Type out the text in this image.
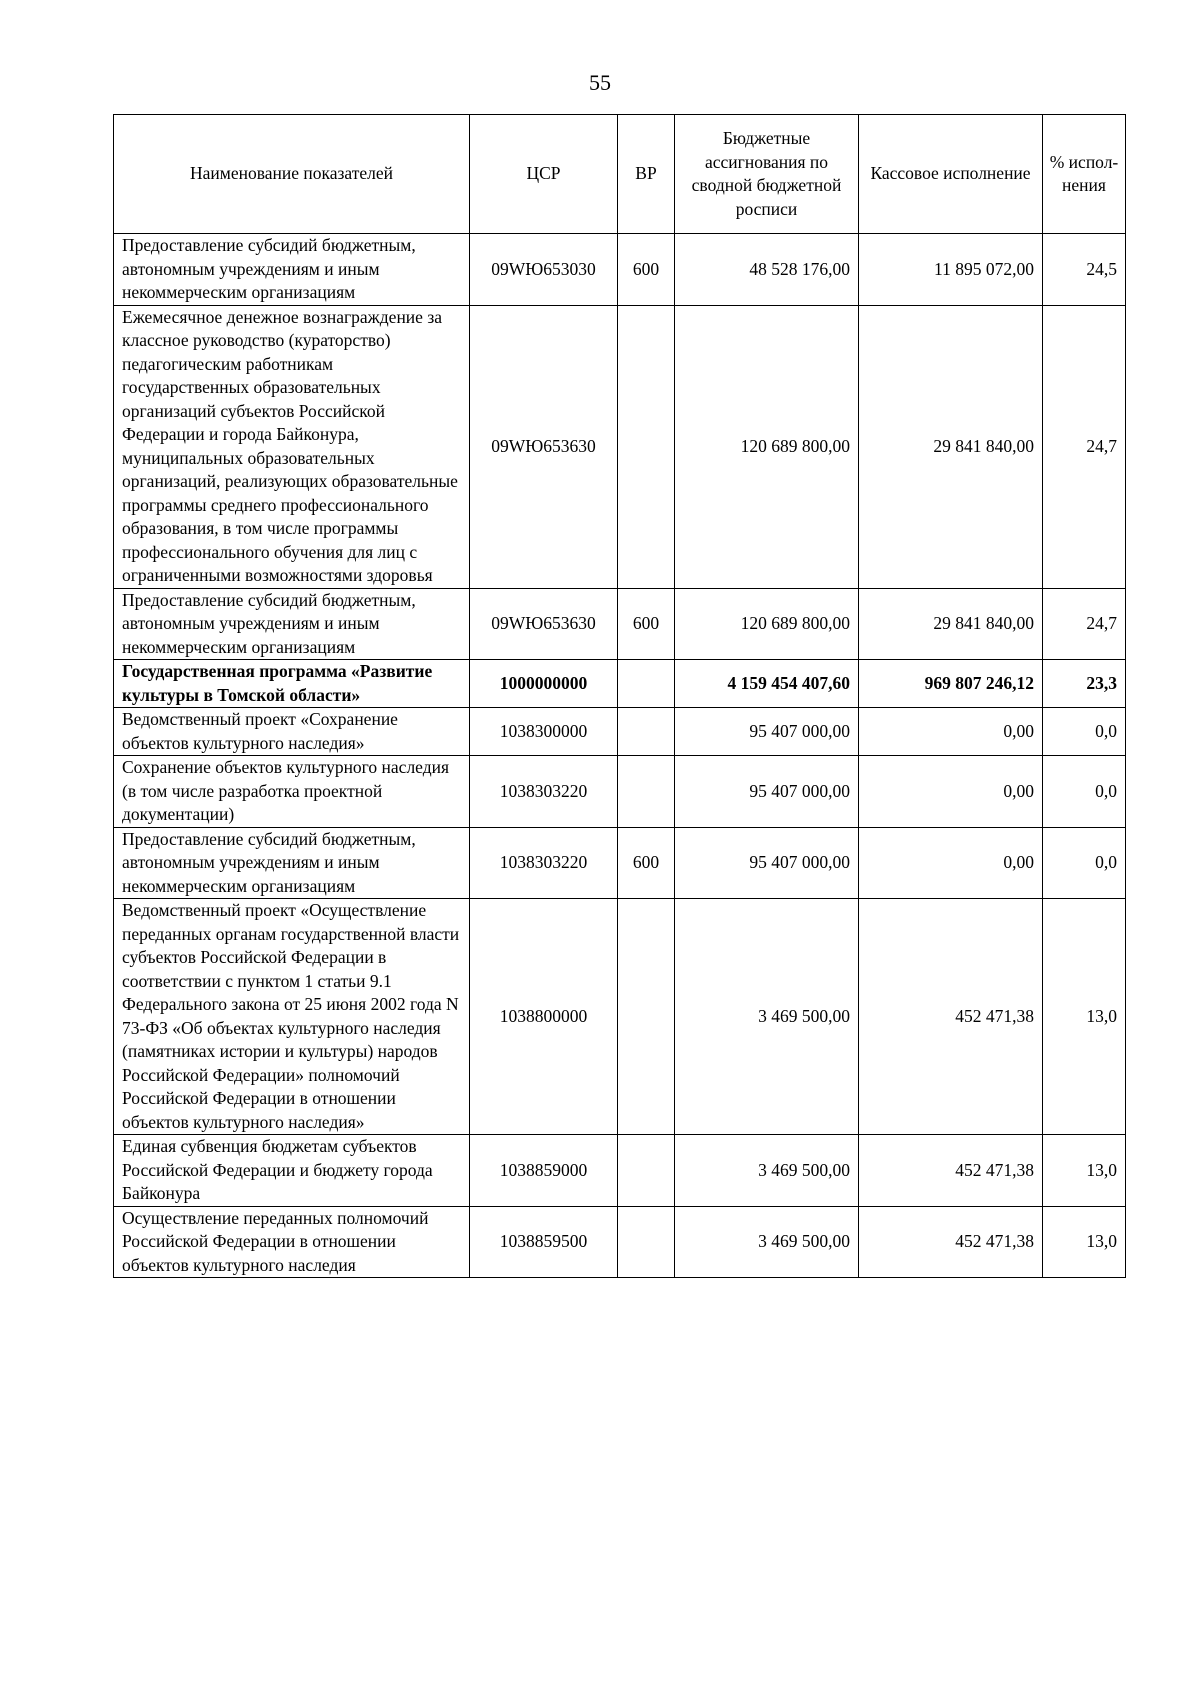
55
Наименование показателей	ЦСР	ВР	Бюджетные ассигнования по сводной бюджетной росписи	Кассовое исполнение	% испол-нения
Предоставление субсидий бюджетным, автономным учреждениям и иным некоммерческим организациям	09WЮ653030	600	48 528 176,00	11 895 072,00	24,5
Ежемесячное денежное вознаграждение за классное руководство (кураторство) педагогическим работникам государственных образовательных организаций субъектов Российской Федерации и города Байконура, муниципальных образовательных организаций, реализующих образовательные программы среднего профессионального образования, в том числе программы профессионального обучения для лиц с ограниченными возможностями здоровья	09WЮ653630		120 689 800,00	29 841 840,00	24,7
Предоставление субсидий бюджетным, автономным учреждениям и иным некоммерческим организациям	09WЮ653630	600	120 689 800,00	29 841 840,00	24,7
Государственная программа «Развитие культуры в Томской области»	1000000000		4 159 454 407,60	969 807 246,12	23,3
Ведомственный проект «Сохранение объектов культурного наследия»	1038300000		95 407 000,00	0,00	0,0
Сохранение объектов культурного наследия (в том числе разработка проектной документации)	1038303220		95 407 000,00	0,00	0,0
Предоставление субсидий бюджетным, автономным учреждениям и иным некоммерческим организациям	1038303220	600	95 407 000,00	0,00	0,0
Ведомственный проект «Осуществление переданных органам государственной власти субъектов Российской Федерации в соответствии с пунктом 1 статьи 9.1 Федерального закона от 25 июня 2002 года N 73-ФЗ «Об объектах культурного наследия (памятниках истории и культуры) народов Российской Федерации» полномочий Российской Федерации в отношении объектов культурного наследия»	1038800000		3 469 500,00	452 471,38	13,0
Единая субвенция бюджетам субъектов Российской Федерации и бюджету города Байконура	1038859000		3 469 500,00	452 471,38	13,0
Осуществление переданных полномочий Российской Федерации в отношении объектов культурного наследия	1038859500		3 469 500,00	452 471,38	13,0
